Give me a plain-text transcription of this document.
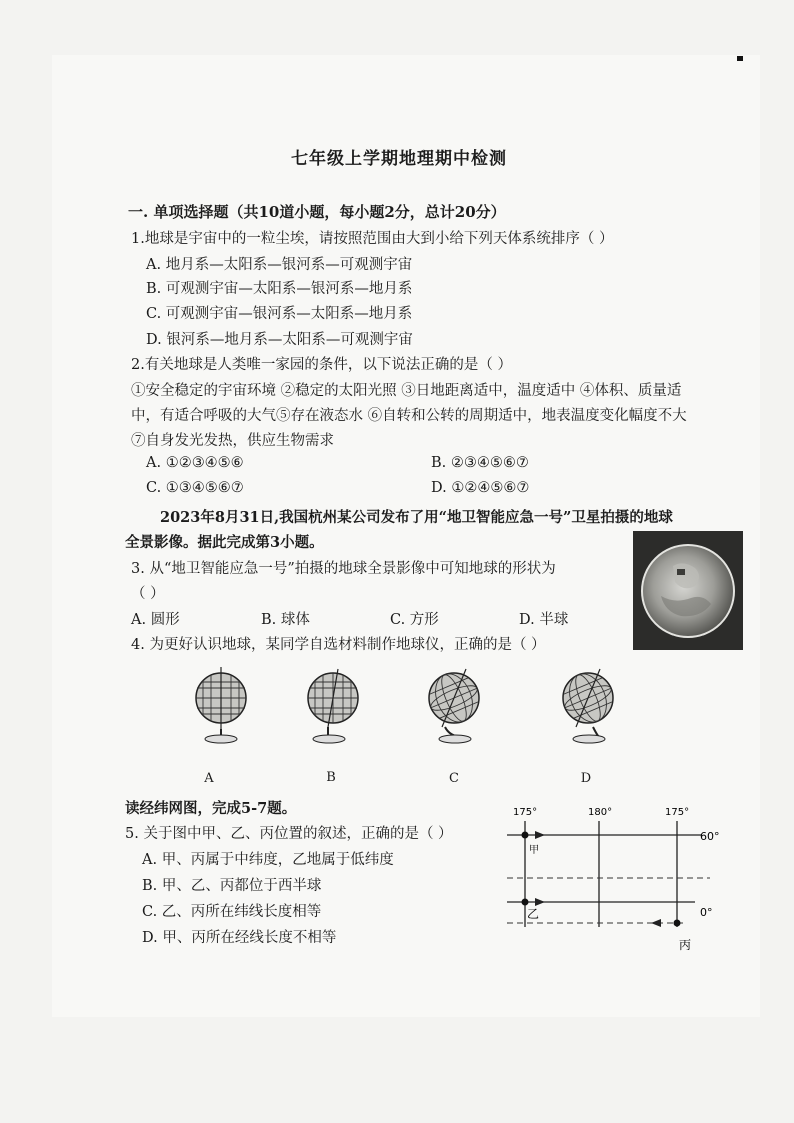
七年级上学期地理期中检测
一. 单项选择题（共10道小题，每小题2分，总计20分）
1.地球是宇宙中的一粒尘埃，请按照范围由大到小给下列天体系统排序（ ）
A. 地月系—太阳系—银河系—可观测宇宙
B. 可观测宇宙—太阳系—银河系—地月系
C. 可观测宇宙—银河系—太阳系—地月系
D. 银河系—地月系—太阳系—可观测宇宙
2.有关地球是人类唯一家园的条件，以下说法正确的是（ ）
①安全稳定的宇宙环境 ②稳定的太阳光照 ③日地距离适中，温度适中 ④体积、质量适
中，有适合呼吸的大气⑤存在液态水 ⑥自转和公转的周期适中，地表温度变化幅度不大
⑦自身发光发热，供应生物需求
A. ①②③④⑤⑥	B. ②③④⑤⑥⑦
C. ①③④⑤⑥⑦	D. ①②④⑤⑥⑦
2023年8月31日,我国杭州某公司发布了用“地卫智能应急一号”卫星拍摄的地球
全景影像。据此完成第3小题。
3. 从“地卫智能应急一号”拍摄的地球全景影像中可知地球的形状为
（ ）
A. 圆形	B. 球体	C. 方形	D. 半球
4. 为更好认识地球，某同学自选材料制作地球仪，正确的是（ ）
A	B	C	D
读经纬网图，完成5-7题。
5. 关于图中甲、乙、丙位置的叙述，正确的是（ ）
A. 甲、丙属于中纬度，乙地属于低纬度
B. 甲、乙、丙都位于西半球
C. 乙、丙所在纬线长度相等
D. 甲、丙所在经线长度不相等
175°	180°	175°
60°
0°
甲
乙
丙
